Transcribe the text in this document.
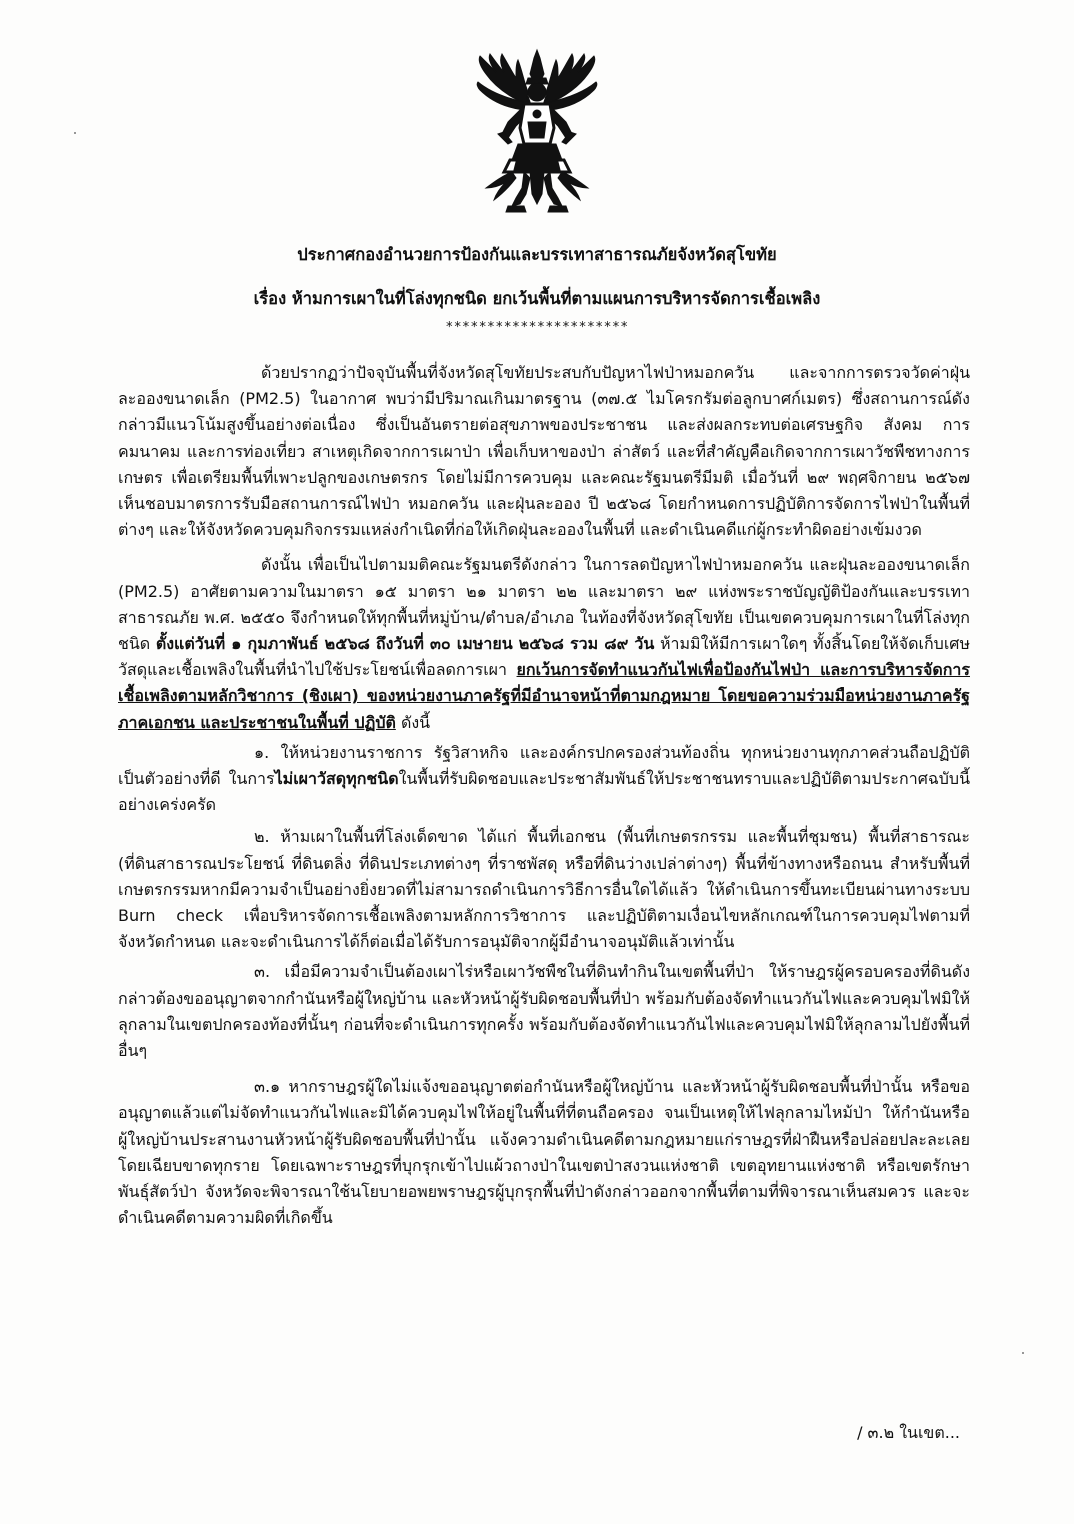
ประกาศกองอำนวยการป้องกันและบรรเทาสาธารณภัยจังหวัดสุโขทัย
เรื่อง ห้ามการเผาในที่โล่งทุกชนิด ยกเว้นพื้นที่ตามแผนการบริหารจัดการเชื้อเพลิง
**********************

ด้วยปรากฏว่าปัจจุบันพื้นที่จังหวัดสุโขทัยประสบกับปัญหาไฟป่าหมอกควัน และจากการตรวจวัดค่าฝุ่นละอองขนาดเล็ก (PM2.5) ในอากาศ พบว่ามีปริมาณเกินมาตรฐาน (๓๗.๕ ไมโครกรัมต่อลูกบาศก์เมตร) ซึ่งสถานการณ์ดังกล่าวมีแนวโน้มสูงขึ้นอย่างต่อเนื่อง ซึ่งเป็นอันตรายต่อสุขภาพของประชาชน และส่งผลกระทบต่อเศรษฐกิจ สังคม การคมนาคม และการท่องเที่ยว สาเหตุเกิดจากการเผาป่า เพื่อเก็บหาของป่า ล่าสัตว์ และที่สำคัญคือเกิดจากการเผาวัชพืชทางการเกษตร เพื่อเตรียมพื้นที่เพาะปลูกของเกษตรกร โดยไม่มีการควบคุม และคณะรัฐมนตรีมีมติ เมื่อวันที่ ๒๙ พฤศจิกายน ๒๕๖๗ เห็นชอบมาตรการรับมือสถานการณ์ไฟป่า หมอกควัน และฝุ่นละออง ปี ๒๕๖๘ โดยกำหนดการปฏิบัติการจัดการไฟป่าในพื้นที่ต่างๆ และให้จังหวัดควบคุมกิจกรรมแหล่งกำเนิดที่ก่อให้เกิดฝุ่นละอองในพื้นที่ และดำเนินคดีแก่ผู้กระทำผิดอย่างเข้มงวด

ดังนั้น เพื่อเป็นไปตามมติคณะรัฐมนตรีดังกล่าว ในการลดปัญหาไฟป่าหมอกควัน และฝุ่นละอองขนาดเล็ก (PM2.5) อาศัยตามความในมาตรา ๑๕ มาตรา ๒๑ มาตรา ๒๒ และมาตรา ๒๙ แห่งพระราชบัญญัติป้องกันและบรรเทาสาธารณภัย พ.ศ. ๒๕๕๐ จึงกำหนดให้ทุกพื้นที่หมู่บ้าน/ตำบล/อำเภอ ในท้องที่จังหวัดสุโขทัย เป็นเขตควบคุมการเผาในที่โล่งทุกชนิด ตั้งแต่วันที่ ๑ กุมภาพันธ์ ๒๕๖๘ ถึงวันที่ ๓๐ เมษายน ๒๕๖๘ รวม ๘๙ วัน ห้ามมิให้มีการเผาใดๆ ทั้งสิ้นโดยให้จัดเก็บเศษวัสดุและเชื้อเพลิงในพื้นที่นำไปใช้ประโยชน์เพื่อลดการเผา ยกเว้นการจัดทำแนวกันไฟเพื่อป้องกันไฟป่า และการบริหารจัดการเชื้อเพลิงตามหลักวิชาการ (ชิงเผา) ของหน่วยงานภาครัฐที่มีอำนาจหน้าที่ตามกฎหมาย โดยขอความร่วมมือหน่วยงานภาครัฐ ภาคเอกชน และประชาชนในพื้นที่ ปฏิบัติ ดังนี้

๑. ให้หน่วยงานราชการ รัฐวิสาหกิจ และองค์กรปกครองส่วนท้องถิ่น ทุกหน่วยงานทุกภาคส่วนถือปฏิบัติเป็นตัวอย่างที่ดี ในการไม่เผาวัสดุทุกชนิดในพื้นที่รับผิดชอบและประชาสัมพันธ์ให้ประชาชนทราบและปฏิบัติตามประกาศฉบับนี้อย่างเคร่งครัด

๒. ห้ามเผาในพื้นที่โล่งเด็ดขาด ได้แก่ พื้นที่เอกชน (พื้นที่เกษตรกรรม และพื้นที่ชุมชน) พื้นที่สาธารณะ (ที่ดินสาธารณประโยชน์ ที่ดินตลิ่ง ที่ดินประเภทต่างๆ ที่ราชพัสดุ หรือที่ดินว่างเปล่าต่างๆ) พื้นที่ข้างทางหรือถนน สำหรับพื้นที่เกษตรกรรมหากมีความจำเป็นอย่างยิ่งยวดที่ไม่สามารถดำเนินการวิธีการอื่นใดได้แล้ว ให้ดำเนินการขึ้นทะเบียนผ่านทางระบบ Burn check เพื่อบริหารจัดการเชื้อเพลิงตามหลักการวิชาการ และปฏิบัติตามเงื่อนไขหลักเกณฑ์ในการควบคุมไฟตามที่จังหวัดกำหนด และจะดำเนินการได้ก็ต่อเมื่อได้รับการอนุมัติจากผู้มีอำนาจอนุมัติแล้วเท่านั้น

๓. เมื่อมีความจำเป็นต้องเผาไร่หรือเผาวัชพืชในที่ดินทำกินในเขตพื้นที่ป่า ให้ราษฎรผู้ครอบครองที่ดินดังกล่าวต้องขออนุญาตจากกำนันหรือผู้ใหญ่บ้าน และหัวหน้าผู้รับผิดชอบพื้นที่ป่า พร้อมกับต้องจัดทำแนวกันไฟและควบคุมไฟมิให้ลุกลามในเขตปกครองท้องที่นั้นๆ ก่อนที่จะดำเนินการทุกครั้ง พร้อมกับต้องจัดทำแนวกันไฟและควบคุมไฟมิให้ลุกลามไปยังพื้นที่อื่นๆ

๓.๑ หากราษฎรผู้ใดไม่แจ้งขออนุญาตต่อกำนันหรือผู้ใหญ่บ้าน และหัวหน้าผู้รับผิดชอบพื้นที่ป่านั้น หรือขออนุญาตแล้วแต่ไม่จัดทำแนวกันไฟและมิได้ควบคุมไฟให้อยู่ในพื้นที่ที่ตนถือครอง จนเป็นเหตุให้ไฟลุกลามไหม้ป่า ให้กำนันหรือผู้ใหญ่บ้านประสานงานหัวหน้าผู้รับผิดชอบพื้นที่ป่านั้น แจ้งความดำเนินคดีตามกฎหมายแก่ราษฎรที่ฝ่าฝืนหรือปล่อยปละละเลยโดยเฉียบขาดทุกราย โดยเฉพาะราษฎรที่บุกรุกเข้าไปแผ้วถางป่าในเขตป่าสงวนแห่งชาติ เขตอุทยานแห่งชาติ หรือเขตรักษาพันธุ์สัตว์ป่า จังหวัดจะพิจารณาใช้นโยบายอพยพราษฎรผู้บุกรุกพื้นที่ป่าดังกล่าวออกจากพื้นที่ตามที่พิจารณาเห็นสมควร และจะดำเนินคดีตามความผิดที่เกิดขึ้น

/ ๓.๒ ในเขต...
